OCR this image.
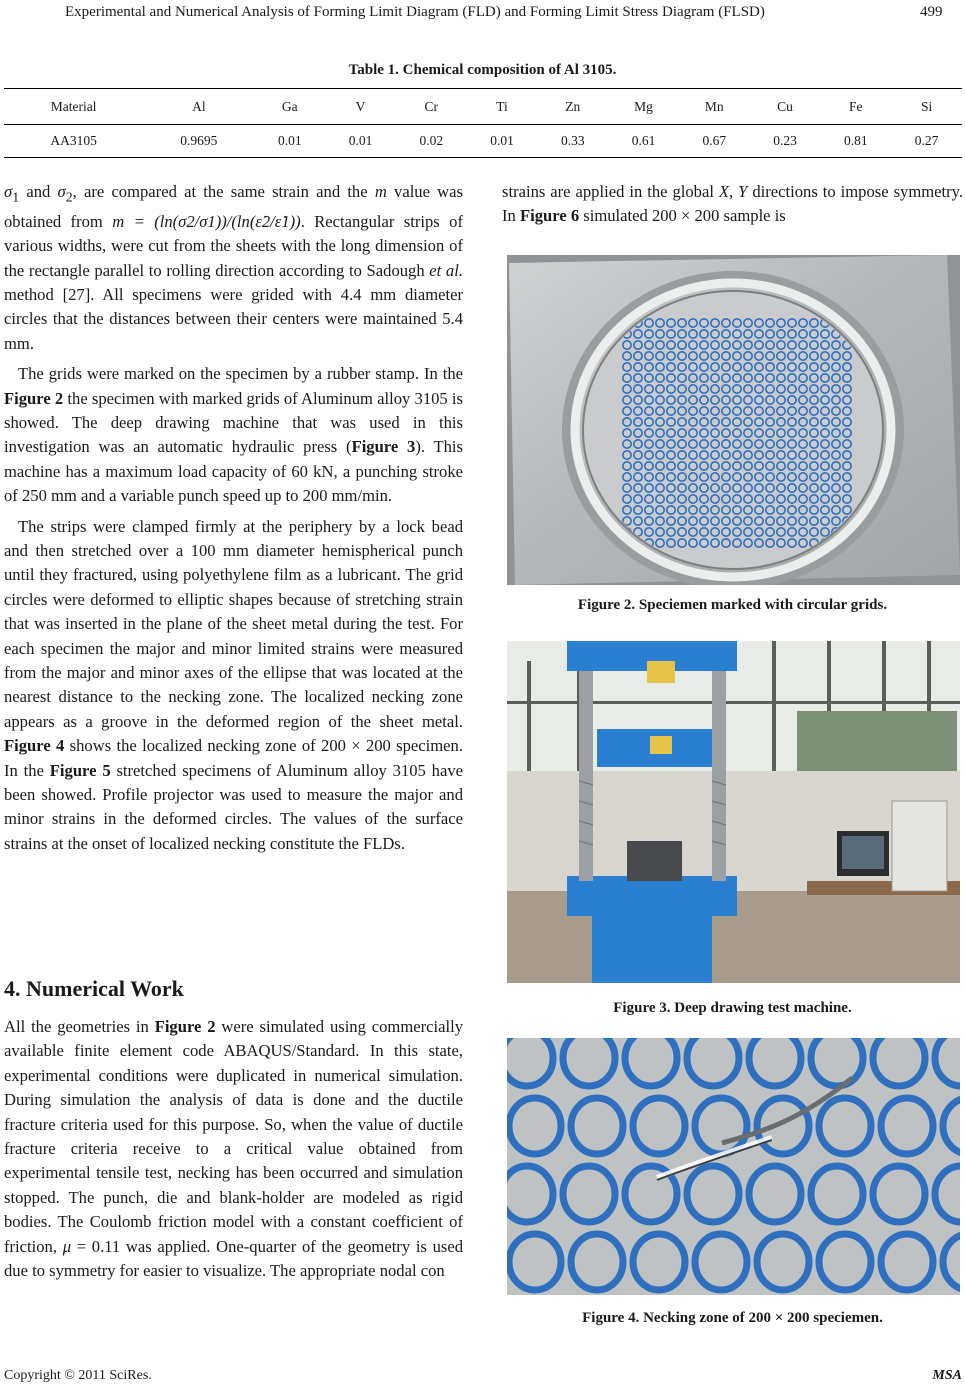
Experimental and Numerical Analysis of Forming Limit Diagram (FLD) and Forming Limit Stress Diagram (FLSD)	499
Table 1. Chemical composition of Al 3105.
Material	Al	Ga	V	Cr	Ti	Zn	Mg	Mn	Cu	Fe	Si
AA3105	0.9695	0.01	0.01	0.02	0.01	0.33	0.61	0.67	0.23	0.81	0.27

$\sigma_1$ and $\sigma_2$, are compared at the same strain and the m value was obtained from m = (ln(σ2/σ1))/(ln(ε̇2/ε̇1)). Rectangular strips of various widths, were cut from the sheets with the long dimension of the rectangle parallel to rolling direction according to Sadough et al. method [27]. All specimens were grided with 4.4 mm diameter circles that the distances between their centers were maintained 5.4 mm.

The grids were marked on the specimen by a rubber stamp. In the Figure 2 the specimen with marked grids of Aluminum alloy 3105 is showed. The deep drawing machine that was used in this investigation was an automatic hydraulic press (Figure 3). This machine has a maximum load capacity of 60 kN, a punching stroke of 250 mm and a variable punch speed up to 200 mm/min.

The strips were clamped firmly at the periphery by a lock bead and then stretched over a 100 mm diameter hemispherical punch until they fractured, using polyethylene film as a lubricant. The grid circles were deformed to elliptic shapes because of stretching strain that was inserted in the plane of the sheet metal during the test. For each specimen the major and minor limited strains were measured from the major and minor axes of the ellipse that was located at the nearest distance to the necking zone. The localized necking zone appears as a groove in the deformed region of the sheet metal. Figure 4 shows the localized necking zone of 200 × 200 specimen. In the Figure 5 stretched specimens of Aluminum alloy 3105 have been showed. Profile projector was used to measure the major and minor strains in the deformed circles. The values of the surface strains at the onset of localized necking constitute the FLDs.

4. Numerical Work

All the geometries in Figure 2 were simulated using commercially available finite element code ABAQUS/Standard. In this state, experimental conditions were duplicated in numerical simulation. During simulation the analysis of data is done and the ductile fracture criteria used for this purpose. So, when the value of ductile fracture criteria receive to a critical value obtained from experimental tensile test, necking has been occurred and simulation stopped. The punch, die and blank-holder are modeled as rigid bodies. The Coulomb friction model with a constant coefficient of friction, μ = 0.11 was applied. One-quarter of the geometry is used due to symmetry for easier to visualize. The appropriate nodal con

strains are applied in the global X, Y directions to impose symmetry. In Figure 6 simulated 200 × 200 sample is

Figure 2. Speciemen marked with circular grids.
Figure 3. Deep drawing test machine.
Figure 4. Necking zone of 200 × 200 speciemen.
Copyright © 2011 SciRes.	MSA
